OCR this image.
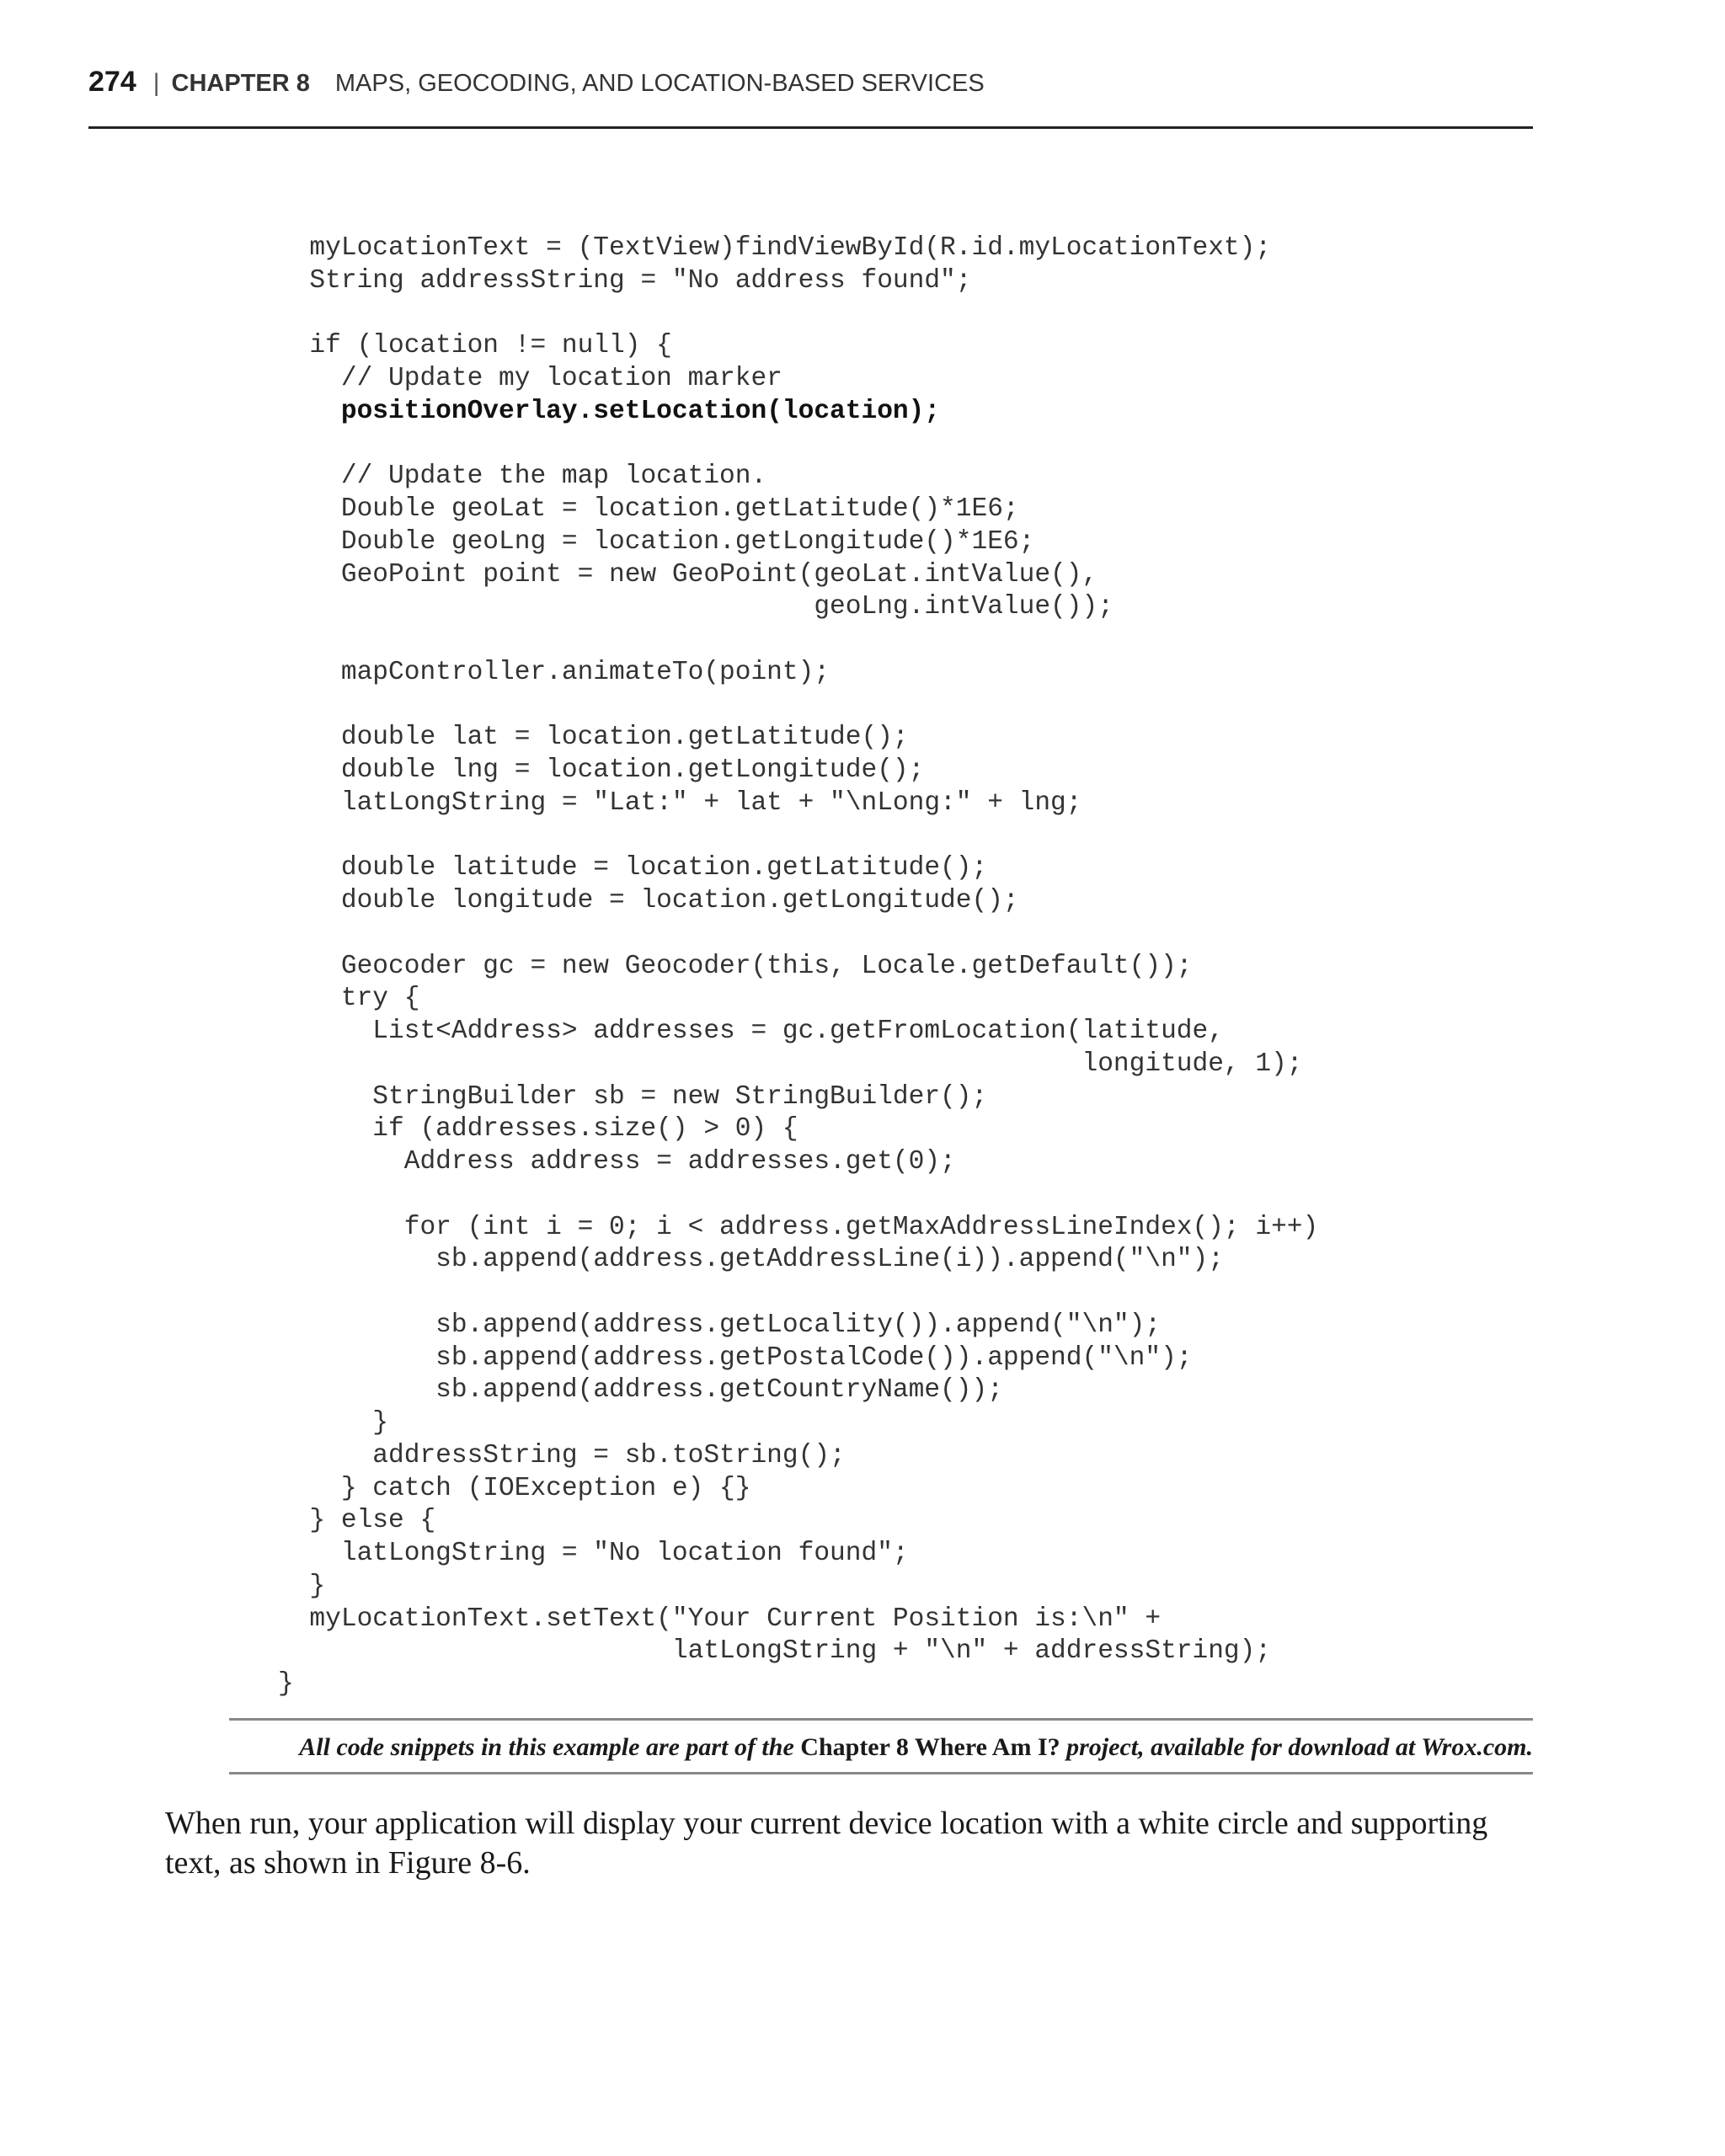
274 | CHAPTER 8 MAPS, GEOCODING, AND LOCATION-BASED SERVICES
myLocationText = (TextView)findViewById(R.id.myLocationText);
String addressString = "No address found";
if (location != null) {
// Update my location marker
positionOverlay.setLocation(location);
// Update the map location.
Double geoLat = location.getLatitude()*1E6;
Double geoLng = location.getLongitude()*1E6;
GeoPoint point = new GeoPoint(geoLat.intValue(),
geoLng.intValue());
mapController.animateTo(point);
double lat = location.getLatitude();
double lng = location.getLongitude();
latLongString = "Lat:" + lat + "\nLong:" + lng;
double latitude = location.getLatitude();
double longitude = location.getLongitude();
Geocoder gc = new Geocoder(this, Locale.getDefault());
try {
List<Address> addresses = gc.getFromLocation(latitude,
longitude, 1);
StringBuilder sb = new StringBuilder();
if (addresses.size() > 0) {
Address address = addresses.get(0);
for (int i = 0; i < address.getMaxAddressLineIndex(); i++)
sb.append(address.getAddressLine(i)).append("\n");
sb.append(address.getLocality()).append("\n");
sb.append(address.getPostalCode()).append("\n");
sb.append(address.getCountryName());
}
addressString = sb.toString();
} catch (IOException e) {}
} else {
latLongString = "No location found";
}
myLocationText.setText("Your Current Position is:\n" +
latLongString + "\n" + addressString);
}
All code snippets in this example are part of the Chapter 8 Where Am I? project, available for download at Wrox.com.

When run, your application will display your current device location with a white circle and supporting text, as shown in Figure 8-6.
